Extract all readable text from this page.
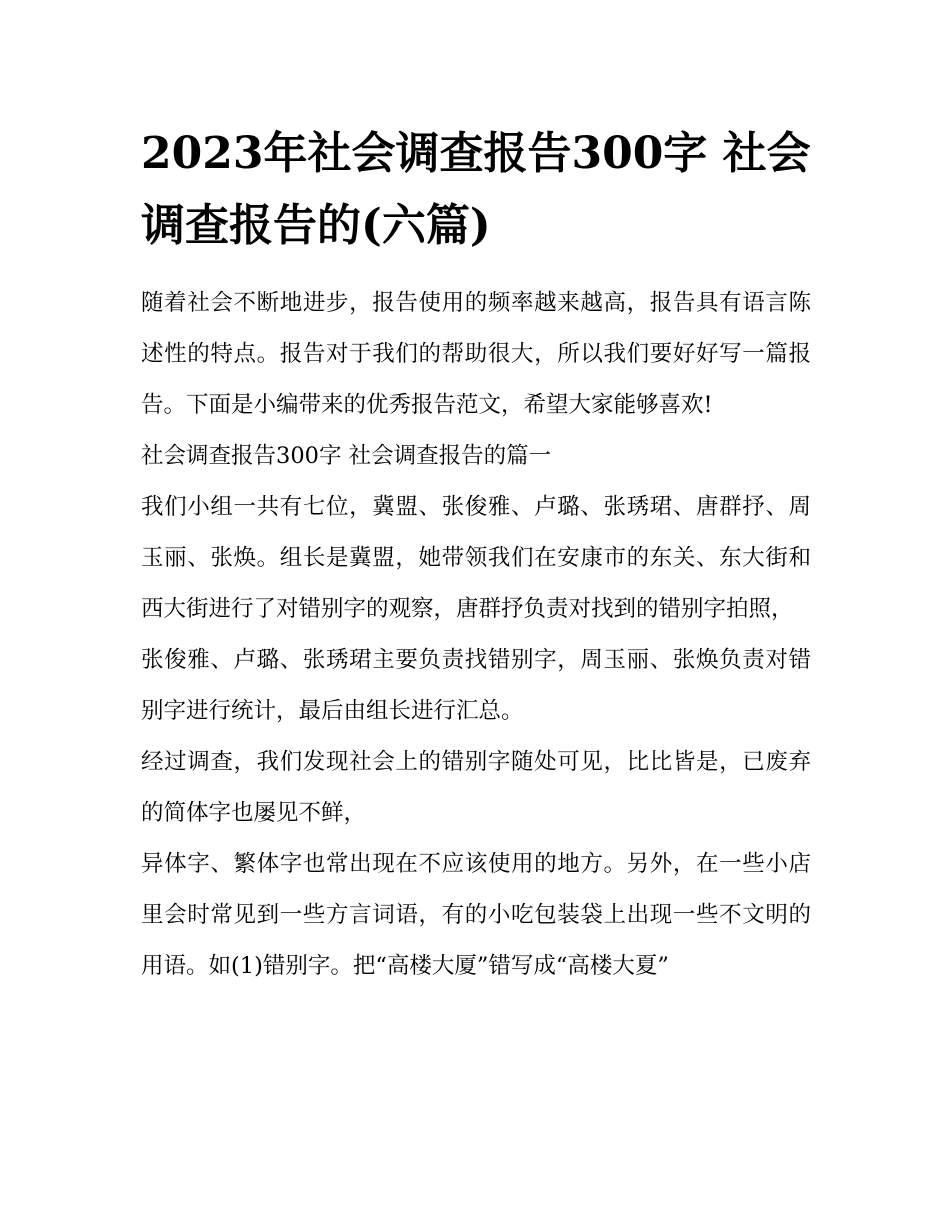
2023年社会调查报告300字 社会调查报告的(六篇)

随着社会不断地进步，报告使用的频率越来越高，报告具有语言陈述性的特点。报告对于我们的帮助很大，所以我们要好好写一篇报告。下面是小编带来的优秀报告范文，希望大家能够喜欢!

社会调查报告300字 社会调查报告的篇一

我们小组一共有七位，冀盟、张俊雅、卢璐、张琇珺、唐群抒、周玉丽、张焕。组长是冀盟，她带领我们在安康市的东关、东大街和西大街进行了对错别字的观察，唐群抒负责对找到的错别字拍照，

张俊雅、卢璐、张琇珺主要负责找错别字，周玉丽、张焕负责对错别字进行统计，最后由组长进行汇总。

经过调查，我们发现社会上的错别字随处可见，比比皆是，已废弃的简体字也屡见不鲜，

异体字、繁体字也常出现在不应该使用的地方。另外，在一些小店里会时常见到一些方言词语，有的小吃包装袋上出现一些不文明的用语。如(1)错别字。把“高楼大厦”错写成“高楼大夏”
